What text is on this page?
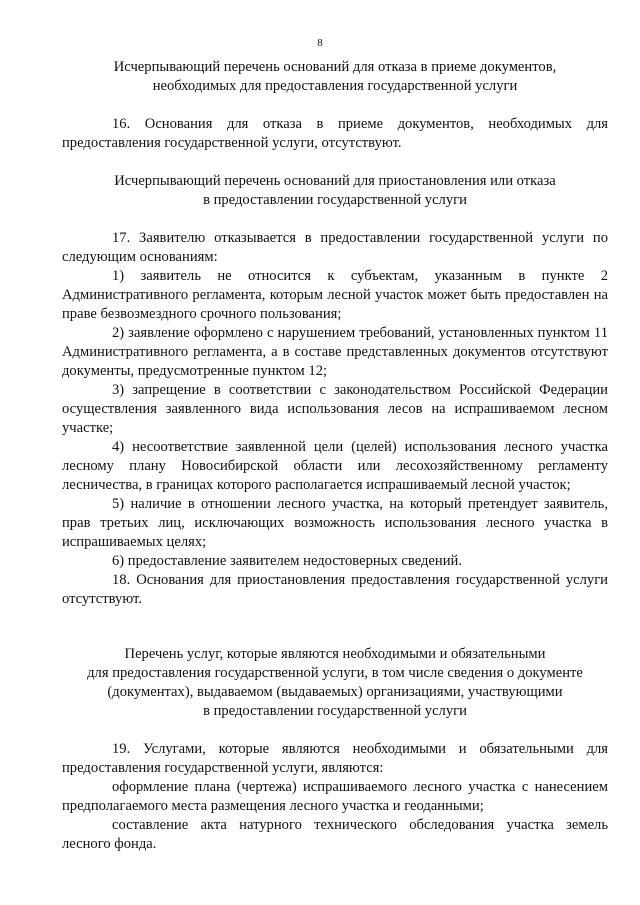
8
Исчерпывающий перечень оснований для отказа в приеме документов,
необходимых для предоставления государственной услуги

16. Основания для отказа в приеме документов, необходимых для предоставления государственной услуги, отсутствуют.

Исчерпывающий перечень оснований для приостановления или отказа
в предоставлении государственной услуги

17. Заявителю отказывается в предоставлении государственной услуги по следующим основаниям:

1) заявитель не относится к субъектам, указанным в пункте 2 Административного регламента, которым лесной участок может быть предоставлен на праве безвозмездного срочного пользования;

2) заявление оформлено с нарушением требований, установленных пунктом 11 Административного регламента, а в составе представленных документов отсутствуют документы, предусмотренные пунктом 12;

3) запрещение в соответствии с законодательством Российской Федерации осуществления заявленного вида использования лесов на испрашиваемом лесном участке;

4) несоответствие заявленной цели (целей) использования лесного участка лесному плану Новосибирской области или лесохозяйственному регламенту лесничества, в границах которого располагается испрашиваемый лесной участок;

5) наличие в отношении лесного участка, на который претендует заявитель, прав третьих лиц, исключающих возможность использования лесного участка в испрашиваемых целях;

6) предоставление заявителем недостоверных сведений.

18. Основания для приостановления предоставления государственной услуги отсутствуют.

Перечень услуг, которые являются необходимыми и обязательными
для предоставления государственной услуги, в том числе сведения о документе
(документах), выдаваемом (выдаваемых) организациями, участвующими
в предоставлении государственной услуги

19. Услугами, которые являются необходимыми и обязательными для предоставления государственной услуги, являются:

оформление плана (чертежа) испрашиваемого лесного участка с нанесением предполагаемого места размещения лесного участка и геоданными;

составление акта натурного технического обследования участка земель лесного фонда.
